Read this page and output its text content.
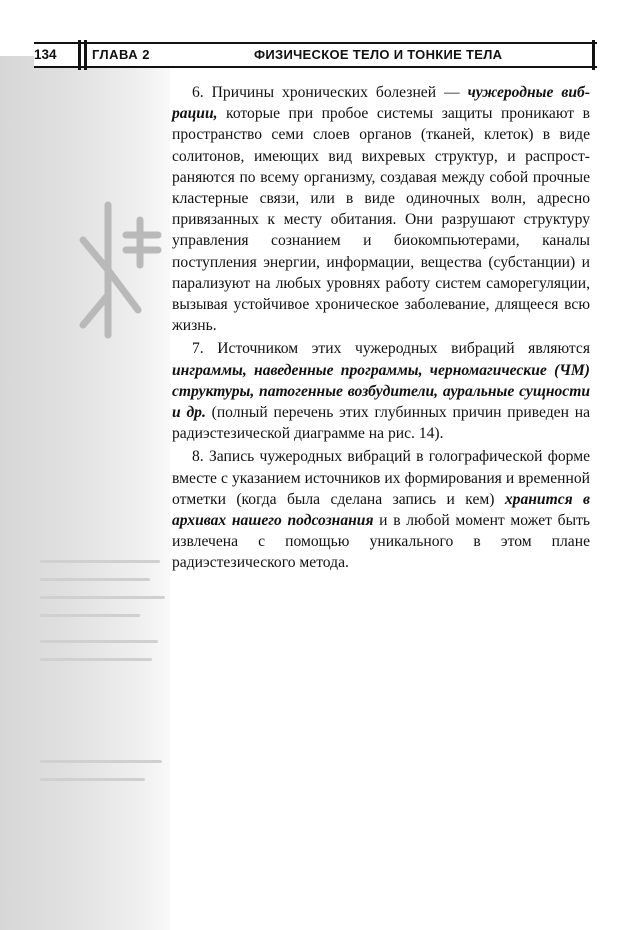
134	ГЛАВА 2	ФИЗИЧЕСКОЕ ТЕЛО И ТОНКИЕ ТЕЛА

6. Причины хронических болезней — чужеродные вибрации, которые при пробое системы защиты проникают в пространство семи слоев органов (тканей, клеток) в виде солитонов, имеющих вид вихревых структур, и распространяются по всему организму, создавая между собой прочные кластерные связи, или в виде одиночных волн, адресно привязанных к месту обитания. Они разрушают структуру управления сознанием и биокомпьютерами, каналы поступления энергии, информации, вещества (субстанции) и парализуют на любых уровнях работу систем саморегуляции, вызывая устойчивое хроническое заболевание, длящееся всю жизнь.

7. Источником этих чужеродных вибраций являются инграммы, наведенные программы, черномагические (ЧМ) структуры, патогенные возбудители, ауральные сущности и др. (полный перечень этих глубинных причин приведен на радиэстезической диаграмме на рис. 14).

8. Запись чужеродных вибраций в голографической форме вместе с указанием источников их формирования и временной отметки (когда была сделана запись и кем) хранится в архивах нашего подсознания и в любой момент может быть извлечена с помощью уникального в этом плане радиэстезического метода.
